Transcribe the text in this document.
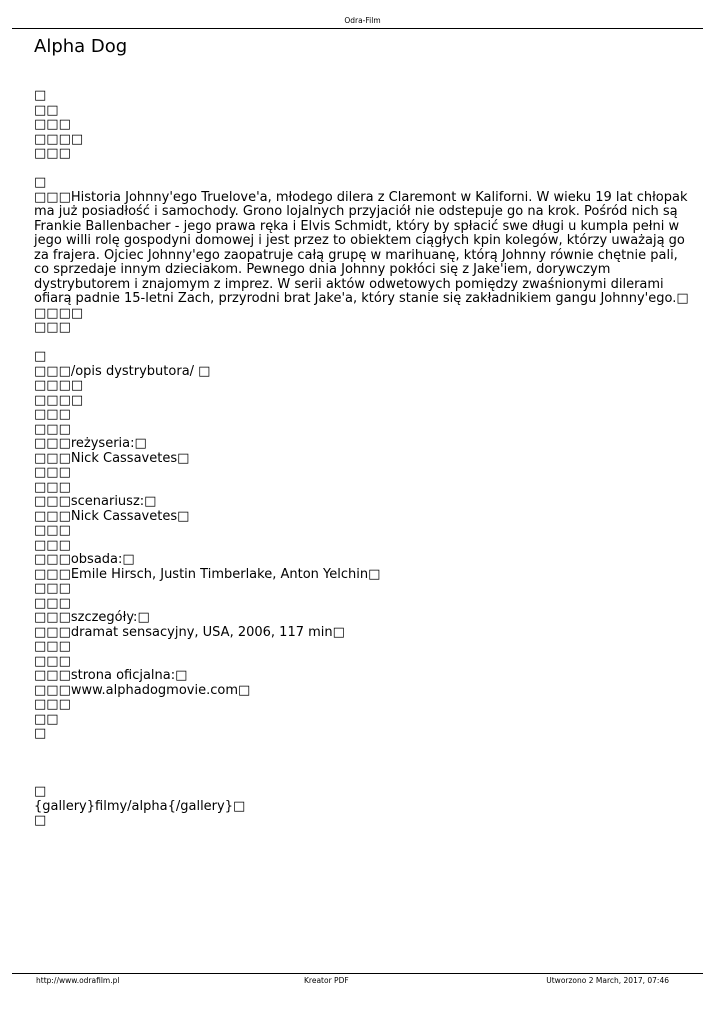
Odra-Film
Alpha Dog
□
□□
□□□
□□□□
□□□
□
□□□Historia Johnny'ego Truelove'a, młodego dilera z Claremont w Kaliforni. W wieku 19 lat chłopak ma już posiadłość i samochody. Grono lojalnych przyjaciół nie odstepuje go na krok. Pośród nich są Frankie Ballenbacher - jego prawa ręka i Elvis Schmidt, który by spłacić swe długi u kumpla pełni w jego willi rolę gospodyni domowej i jest przez to obiektem ciągłych kpin kolegów, którzy uważają go za frajera. Ojciec Johnny'ego zaopatruje całą grupę w marihuanę, którą Johnny równie chętnie pali, co sprzedaje innym dzieciakom. Pewnego dnia Johnny pokłóci się z Jake'iem, dorywczym dystrybutorem i znajomym z imprez. W serii aktów odwetowych pomiędzy zwaśnionymi dilerami ofiarą padnie 15-letni Zach, przyrodni brat Jake'a, który stanie się zakładnikiem gangu Johnny'ego.□
□□□□
□□□
□
□□□/opis dystrybutora/ □
□□□□
□□□□
□□□
□□□
□□□reżyseria:□
□□□Nick Cassavetes□
□□□
□□□
□□□scenariusz:□
□□□Nick Cassavetes□
□□□
□□□
□□□obsada:□
□□□Emile Hirsch, Justin Timberlake, Anton Yelchin□
□□□
□□□
□□□szczegóły:□
□□□dramat sensacyjny, USA, 2006, 117 min□
□□□
□□□
□□□strona oficjalna:□
□□□www.alphadogmovie.com□
□□□
□□
□
□
{gallery}filmy/alpha{/gallery}□
□
http://www.odrafilm.pl	Kreator PDF	Utworzono 2 March, 2017, 07:46
